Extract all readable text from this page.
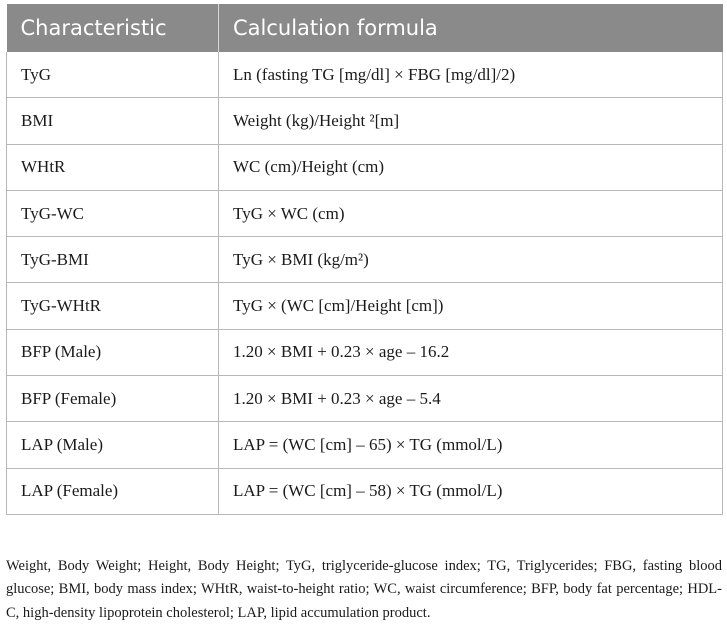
Characteristic	Calculation formula
TyG	Ln (fasting TG [mg/dl] × FBG [mg/dl]/2)
BMI	Weight (kg)/Height ²[m]
WHtR	WC (cm)/Height (cm)
TyG-WC	TyG × WC (cm)
TyG-BMI	TyG × BMI (kg/m²)
TyG-WHtR	TyG × (WC [cm]/Height [cm])
BFP (Male)	1.20 × BMI + 0.23 × age – 16.2
BFP (Female)	1.20 × BMI + 0.23 × age – 5.4
LAP (Male)	LAP = (WC [cm] – 65) × TG (mmol/L)
LAP (Female)	LAP = (WC [cm] – 58) × TG (mmol/L)

Weight, Body Weight; Height, Body Height; TyG, triglyceride-glucose index; TG, Triglycerides; FBG, fasting blood glucose; BMI, body mass index; WHtR, waist-to-height ratio; WC, waist circumference; BFP, body fat percentage; HDL-C, high-density lipoprotein cholesterol; LAP, lipid accumulation product.
